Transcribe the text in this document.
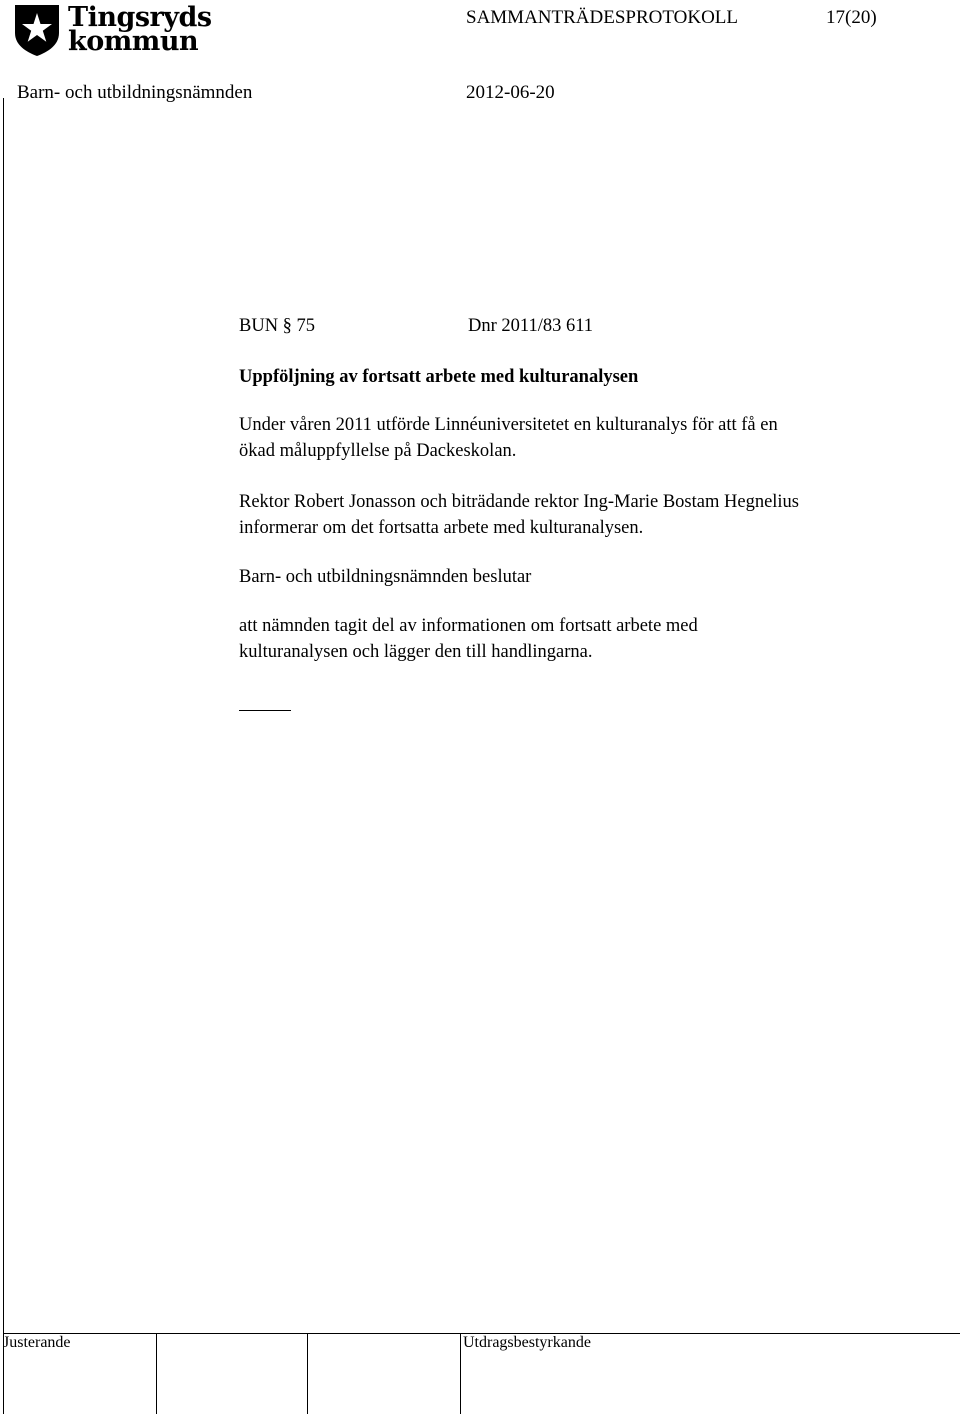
Tingsryds
kommun
SAMMANTRÄDESPROTOKOLL	17(20)
Barn- och utbildningsnämnden	2012-06-20
BUN § 75	Dnr 2011/83 611
Uppföljning av fortsatt arbete med kulturanalysen
Under våren 2011 utförde Linnéuniversitetet en kulturanalys för att få en
ökad måluppfyllelse på Dackeskolan.
Rektor Robert Jonasson och biträdande rektor Ing-Marie Bostam Hegnelius
informerar om det fortsatta arbete med kulturanalysen.
Barn- och utbildningsnämnden beslutar
att nämnden tagit del av informationen om fortsatt arbete med
kulturanalysen och lägger den till handlingarna.
Justerande	Utdragsbestyrkande
